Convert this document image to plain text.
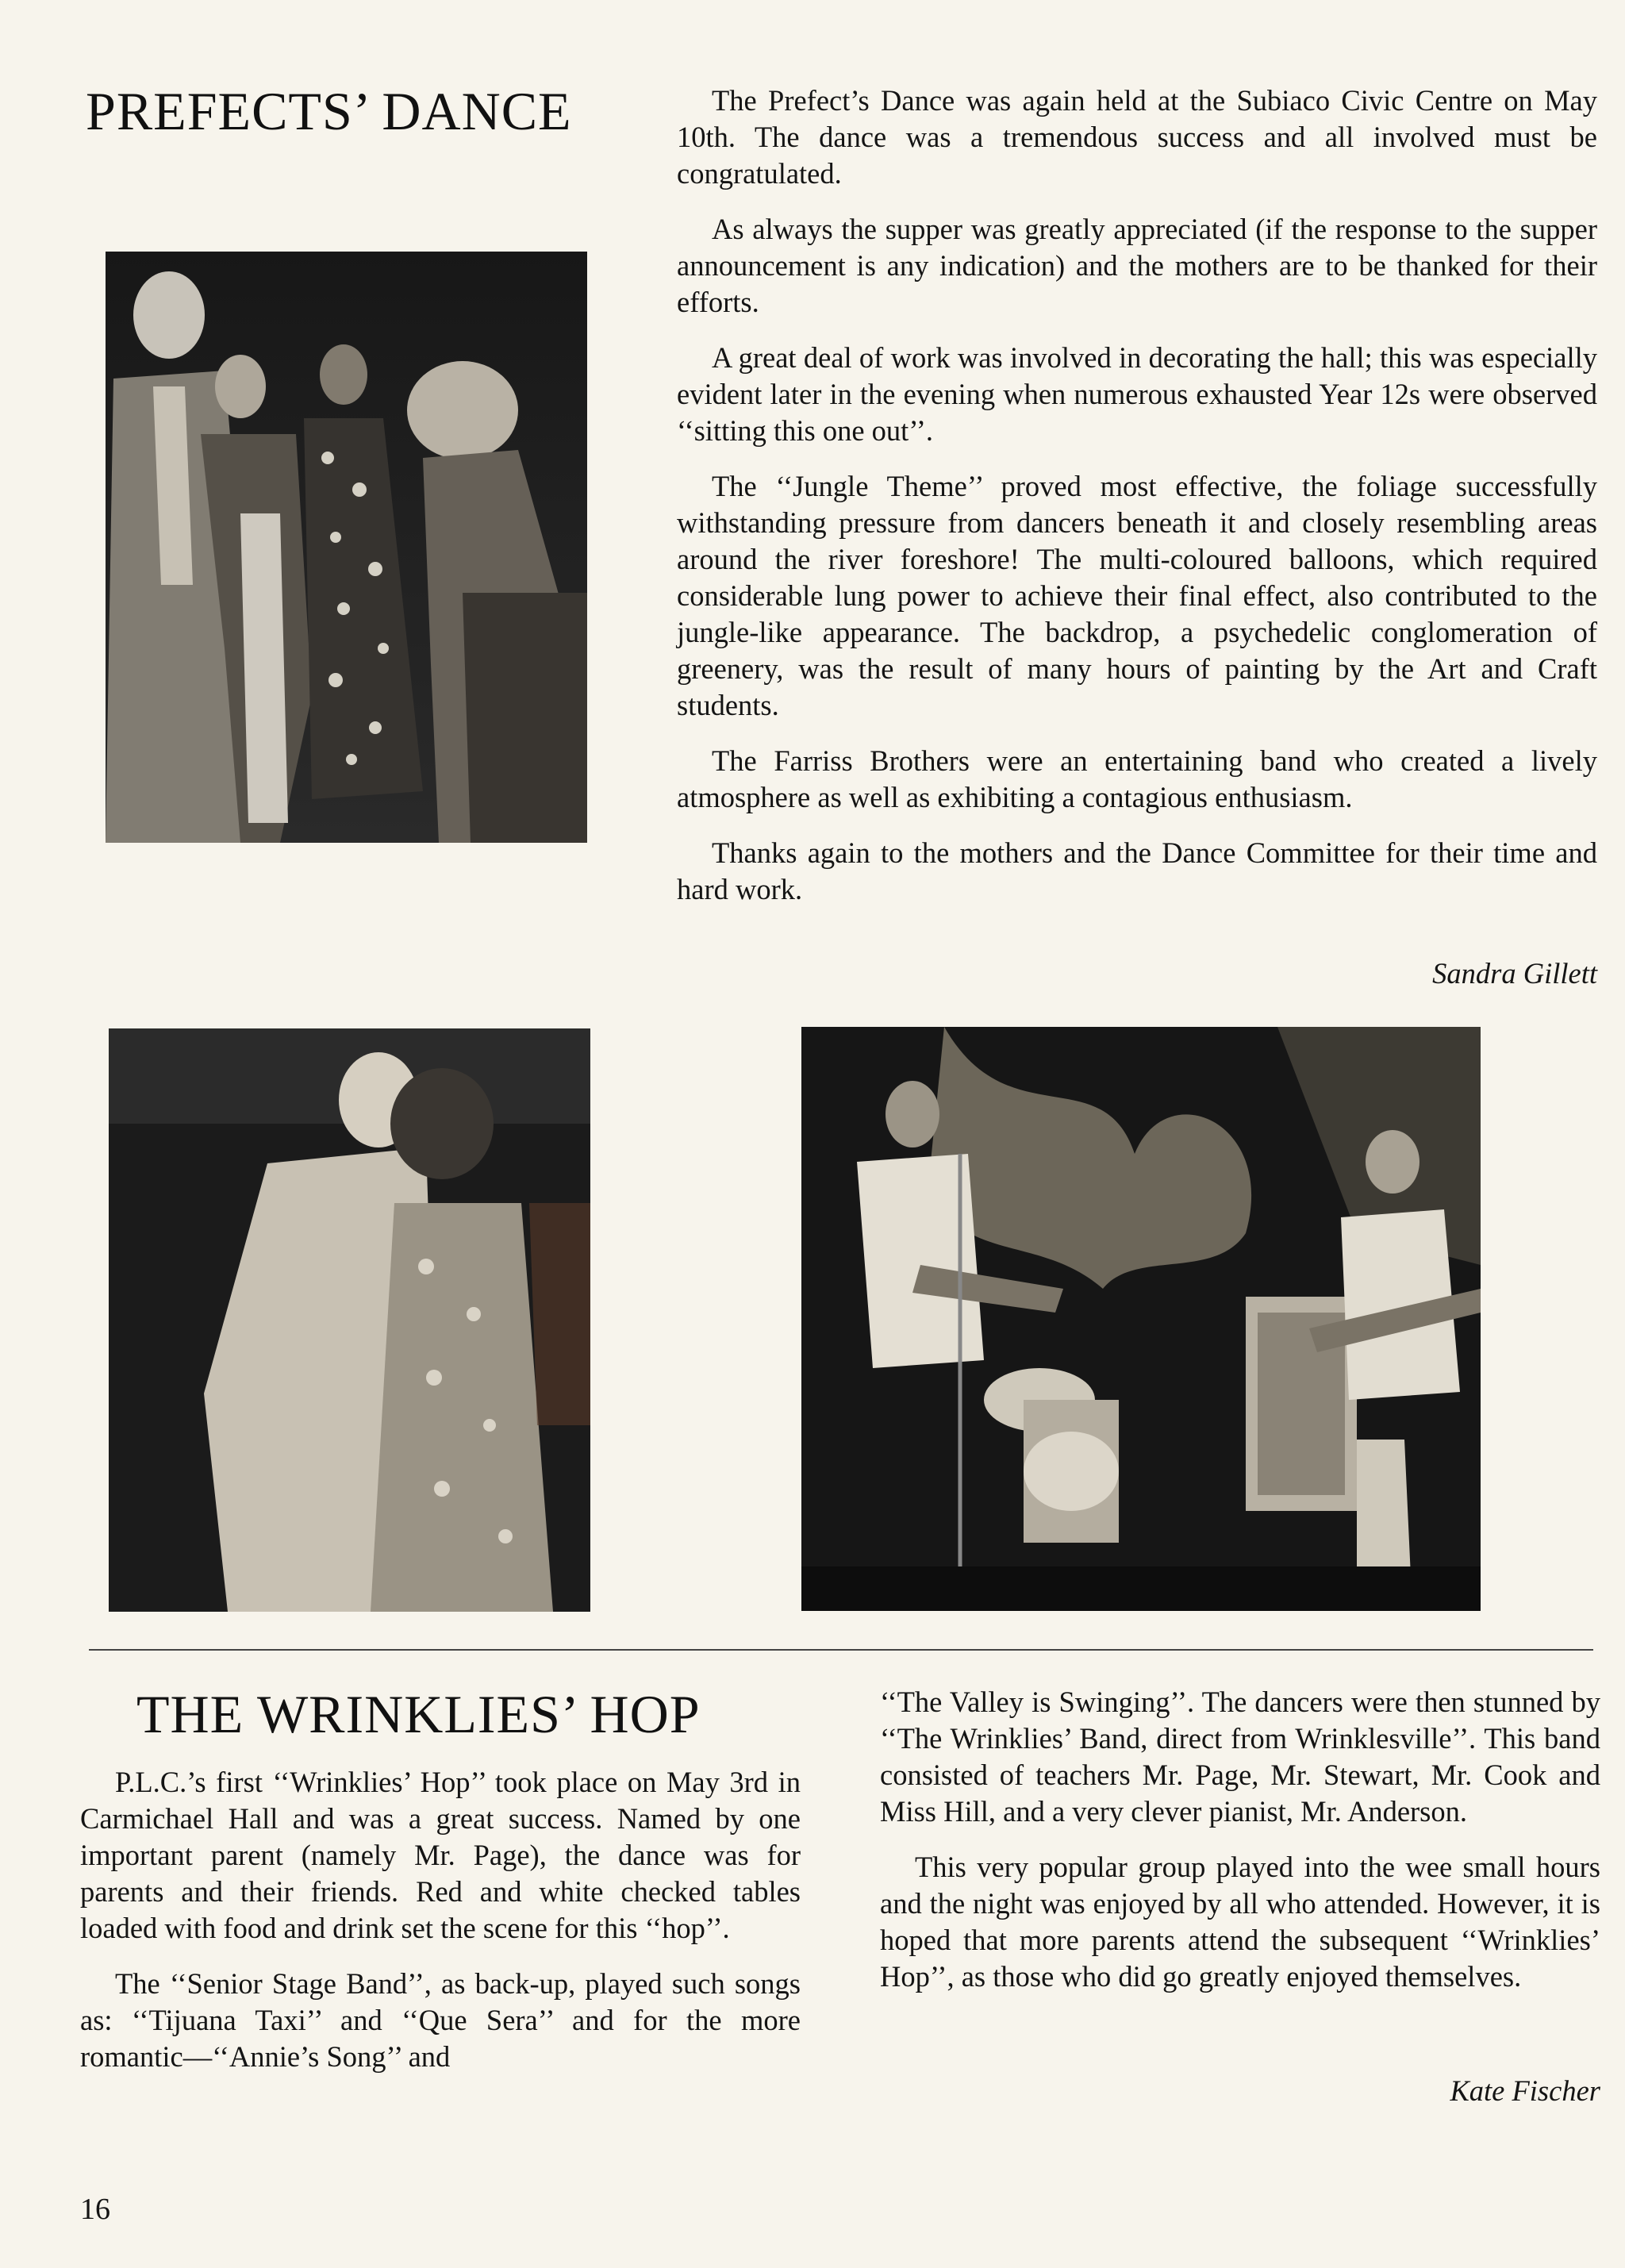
PREFECTS’ DANCE	The Prefect’s Dance was again held at the Subiaco Civic Centre on May 10th. The dance was a tremendous success and all involved must be congratulated.

As always the supper was greatly appreciated (if the response to the supper announcement is any indication) and the mothers are to be thanked for their efforts.

A great deal of work was involved in decorating the hall; this was especially evident later in the evening when numerous exhausted Year 12s were observed ‘‘sitting this one out’’.

The ‘‘Jungle Theme’’ proved most effective, the foliage successfully withstanding pressure from dancers beneath it and closely resembling areas around the river foreshore! The multi-coloured balloons, which required considerable lung power to achieve their final effect, also contributed to the jungle-like appearance. The backdrop, a psychedelic conglomeration of greenery, was the result of many hours of painting by the Art and Craft students.

The Farriss Brothers were an entertaining band who created a lively atmosphere as well as exhibiting a contagious enthusiasm.

Thanks again to the mothers and the Dance Committee for their time and hard work.

Sandra Gillett
THE WRINKLIES’ HOP

P.L.C.’s first ‘‘Wrinklies’ Hop’’ took place on May 3rd in Carmichael Hall and was a great success. Named by one important parent (namely Mr. Page), the dance was for parents and their friends. Red and white checked tables loaded with food and drink set the scene for this ‘‘hop’’.

The ‘‘Senior Stage Band’’, as back-up, played such songs as: ‘‘Tijuana Taxi’’ and ‘‘Que Sera’’ and for the more romantic—‘‘Annie’s Song’’ and

‘‘The Valley is Swinging’’. The dancers were then stunned by ‘‘The Wrinklies’ Band, direct from Wrinklesville’’. This band consisted of teachers Mr. Page, Mr. Stewart, Mr. Cook and Miss Hill, and a very clever pianist, Mr. Anderson.

This very popular group played into the wee small hours and the night was enjoyed by all who attended. However, it is hoped that more parents attend the subsequent ‘‘Wrinklies’ Hop’’, as those who did go greatly enjoyed themselves.

Kate Fischer
16
